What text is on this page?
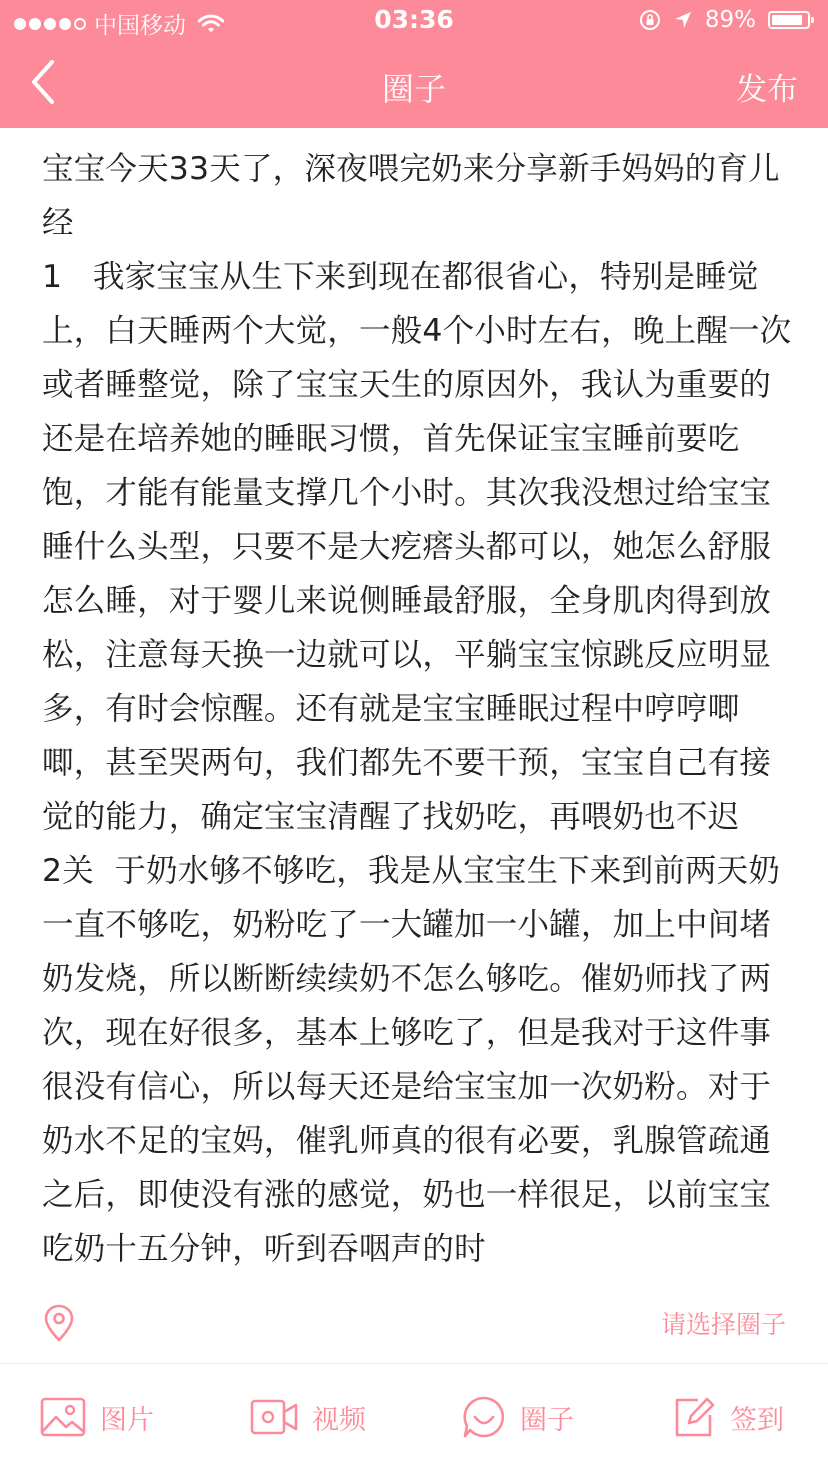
中国移动	03:36	89%
圈子	发布

宝宝今天33天了，深夜喂完奶来分享新手妈妈的育儿经
1   我家宝宝从生下来到现在都很省心，特别是睡觉上，白天睡两个大觉，一般4个小时左右，晚上醒一次或者睡整觉，除了宝宝天生的原因外，我认为重要的还是在培养她的睡眠习惯，首先保证宝宝睡前要吃饱，才能有能量支撑几个小时。其次我没想过给宝宝睡什么头型，只要不是大疙瘩头都可以，她怎么舒服怎么睡，对于婴儿来说侧睡最舒服，全身肌肉得到放松，注意每天换一边就可以，平躺宝宝惊跳反应明显多，有时会惊醒。还有就是宝宝睡眠过程中哼哼唧唧，甚至哭两句，我们都先不要干预，宝宝自己有接觉的能力，确定宝宝清醒了找奶吃，再喂奶也不迟
2关  于奶水够不够吃，我是从宝宝生下来到前两天奶一直不够吃，奶粉吃了一大罐加一小罐，加上中间堵奶发烧，所以断断续续奶不怎么够吃。催奶师找了两次，现在好很多，基本上够吃了，但是我对于这件事很没有信心，所以每天还是给宝宝加一次奶粉。对于奶水不足的宝妈，催乳师真的很有必要，乳腺管疏通之后，即使没有涨的感觉，奶也一样很足，以前宝宝吃奶十五分钟，听到吞咽声的时

请选择圈子
图片	视频	圈子	签到
